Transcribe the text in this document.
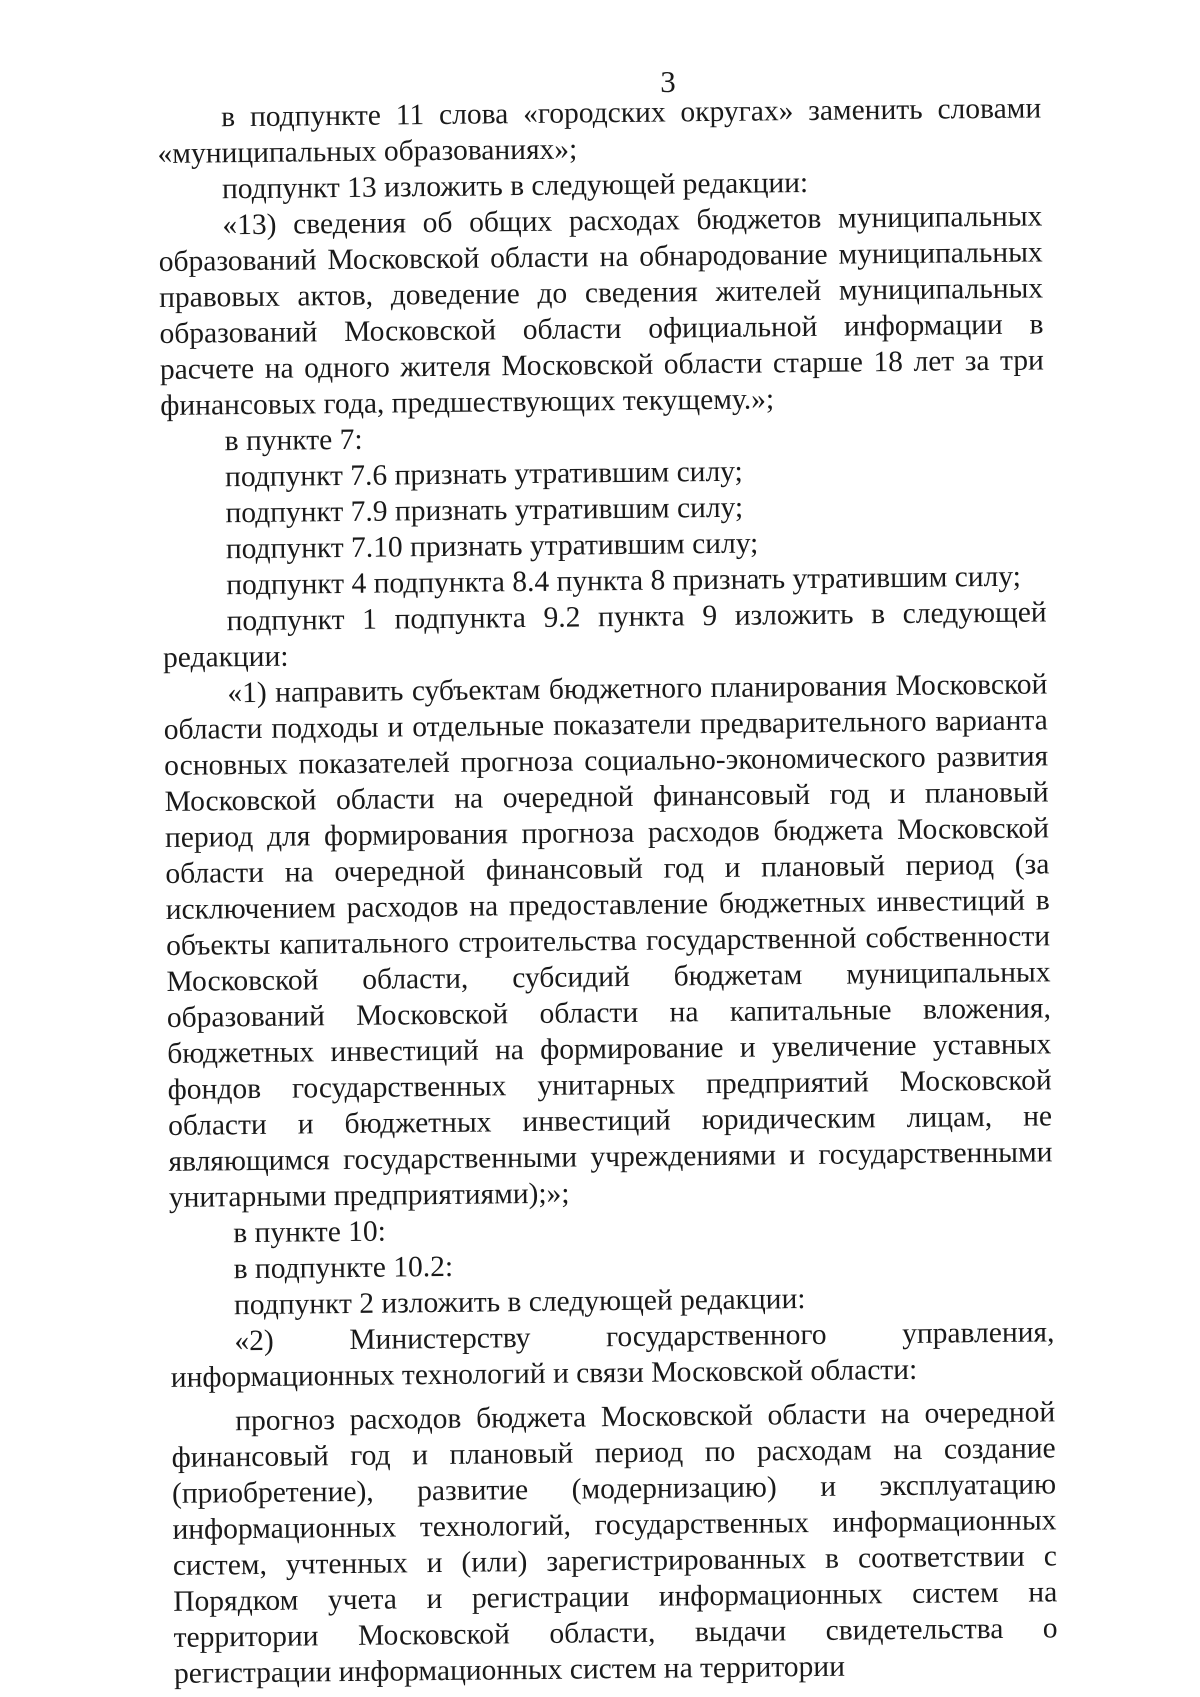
3

в подпункте 11 слова «городских округах» заменить словами «муниципальных образованиях»;

подпункт 13 изложить в следующей редакции:

«13) сведения об общих расходах бюджетов муниципальных образований Московской области на обнародование муниципальных правовых актов, доведение до сведения жителей муниципальных образований Московской области официальной информации в расчете на одного жителя Московской области старше 18 лет за три финансовых года, предшествующих текущему.»;

в пункте 7:

подпункт 7.6 признать утратившим силу;

подпункт 7.9 признать утратившим силу;

подпункт 7.10 признать утратившим силу;

подпункт 4 подпункта 8.4 пункта 8 признать утратившим силу;

подпункт 1 подпункта 9.2 пункта 9 изложить в следующей редакции:

«1) направить субъектам бюджетного планирования Московской области подходы и отдельные показатели предварительного варианта основных показателей прогноза социально-экономического развития Московской области на очередной финансовый год и плановый период для формирования прогноза расходов бюджета Московской области на очередной финансовый год и плановый период (за исключением расходов на предоставление бюджетных инвестиций в объекты капитального строительства государственной собственности Московской области, субсидий бюджетам муниципальных образований Московской области на капитальные вложения, бюджетных инвестиций на формирование и увеличение уставных фондов государственных унитарных предприятий Московской области и бюджетных инвестиций юридическим лицам, не являющимся государственными учреждениями и государственными унитарными предприятиями);»;

в пункте 10:

в подпункте 10.2:

подпункт 2 изложить в следующей редакции:

«2) Министерству государственного управления, информационных технологий и связи Московской области:

прогноз расходов бюджета Московской области на очередной финансовый год и плановый период по расходам на создание (приобретение), развитие (модернизацию) и эксплуатацию информационных технологий, государственных информационных систем, учтенных и (или) зарегистрированных в соответствии с Порядком учета и регистрации информационных систем на территории Московской области, выдачи свидетельства о регистрации информационных систем на территории
